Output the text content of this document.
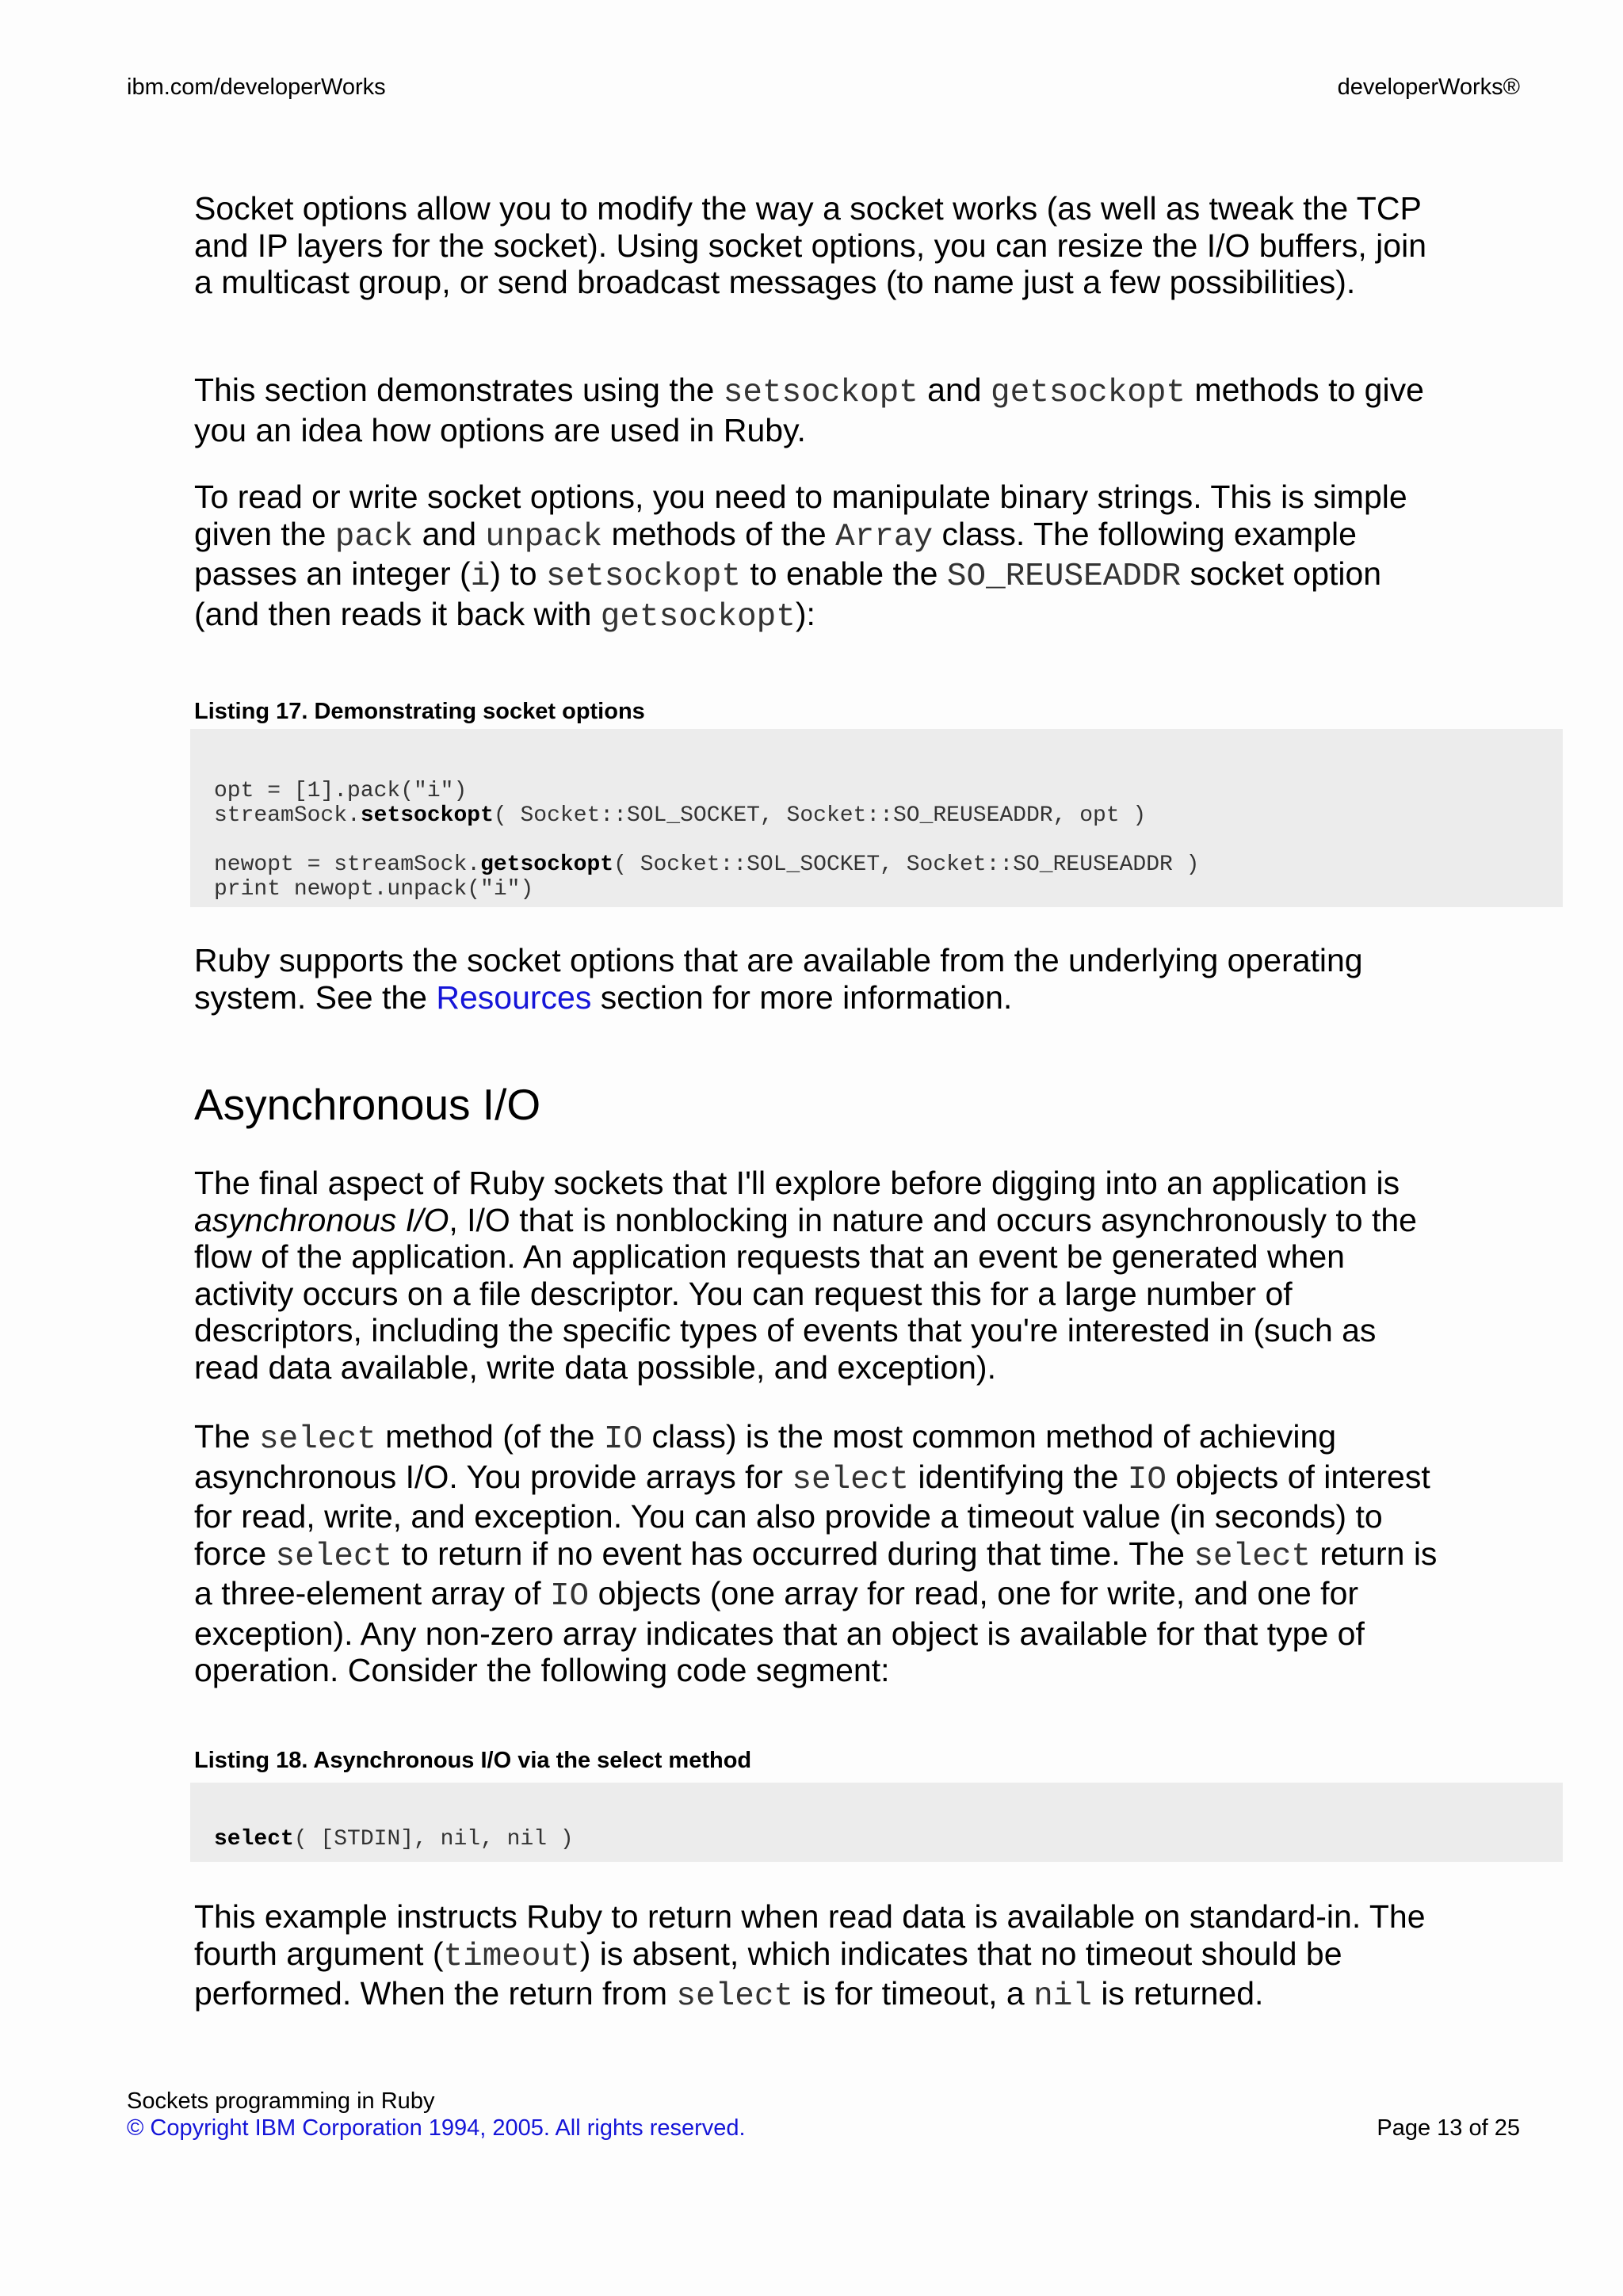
ibm.com/developerWorks	developerWorks®

Socket options allow you to modify the way a socket works (as well as tweak the TCP and IP layers for the socket). Using socket options, you can resize the I/O buffers, join a multicast group, or send broadcast messages (to name just a few possibilities).

This section demonstrates using the setsockopt and getsockopt methods to give you an idea how options are used in Ruby.

To read or write socket options, you need to manipulate binary strings. This is simple given the pack and unpack methods of the Array class. The following example passes an integer (i) to setsockopt to enable the SO_REUSEADDR socket option (and then reads it back with getsockopt):

Listing 17. Demonstrating socket options

opt = [1].pack("i")
streamSock.setsockopt( Socket::SOL_SOCKET, Socket::SO_REUSEADDR, opt )

newopt = streamSock.getsockopt( Socket::SOL_SOCKET, Socket::SO_REUSEADDR )
print newopt.unpack("i")

Ruby supports the socket options that are available from the underlying operating system. See the Resources section for more information.

Asynchronous I/O

The final aspect of Ruby sockets that I'll explore before digging into an application is asynchronous I/O, I/O that is nonblocking in nature and occurs asynchronously to the flow of the application. An application requests that an event be generated when activity occurs on a file descriptor. You can request this for a large number of descriptors, including the specific types of events that you're interested in (such as read data available, write data possible, and exception).

The select method (of the IO class) is the most common method of achieving asynchronous I/O. You provide arrays for select identifying the IO objects of interest for read, write, and exception. You can also provide a timeout value (in seconds) to force select to return if no event has occurred during that time. The select return is a three-element array of IO objects (one array for read, one for write, and one for exception). Any non-zero array indicates that an object is available for that type of operation. Consider the following code segment:

Listing 18. Asynchronous I/O via the select method

select( [STDIN], nil, nil )

This example instructs Ruby to return when read data is available on standard-in. The fourth argument (timeout) is absent, which indicates that no timeout should be performed. When the return from select is for timeout, a nil is returned.

Sockets programming in Ruby
© Copyright IBM Corporation 1994, 2005. All rights reserved.	Page 13 of 25
